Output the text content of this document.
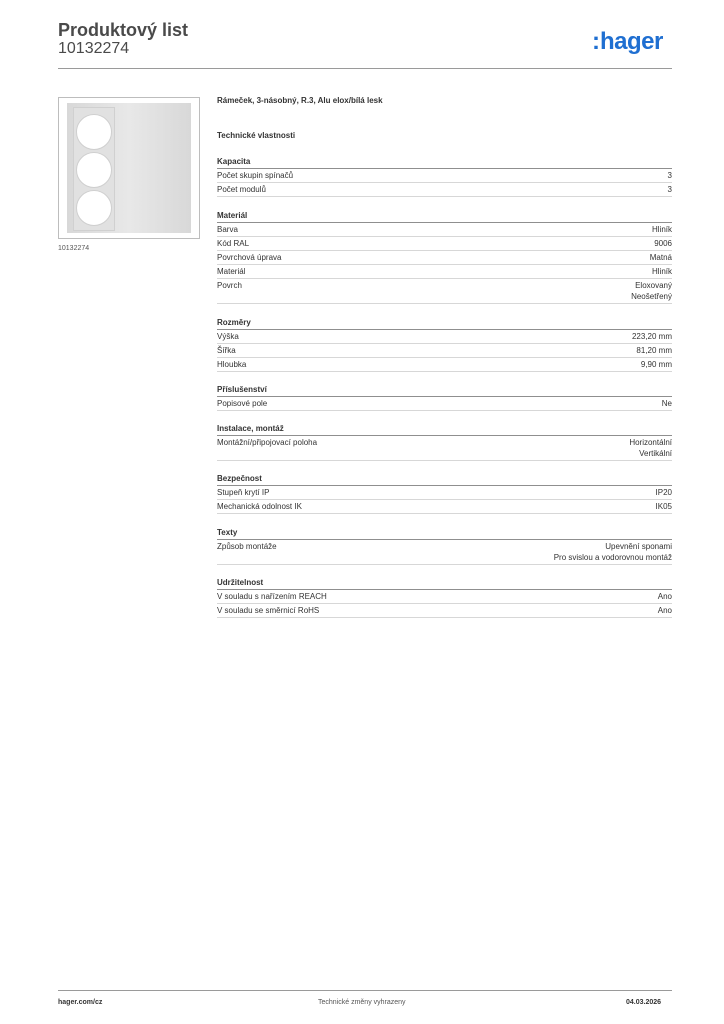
Produktový list
10132274	:hager
10132274
Rámeček, 3-násobný, R.3, Alu elox/bílá lesk
Technické vlastnosti
Kapacita
Počet skupin spínačů	3
Počet modulů	3
Materiál
Barva	Hliník
Kód RAL	9006
Povrchová úprava	Matná
Materiál	Hliník
Povrch	Eloxovaný
Neošetřený
Rozměry
Výška	223,20 mm
Šířka	81,20 mm
Hloubka	9,90 mm
Příslušenství
Popisové pole	Ne
Instalace, montáž
Montážní/připojovací poloha	Horizontální
Vertikální
Bezpečnost
Stupeň krytí IP	IP20
Mechanická odolnost IK	IK05
Texty
Způsob montáže	Upevnění sponami
Pro svislou a vodorovnou montáž
Udržitelnost
V souladu s nařízením REACH	Ano
V souladu se směrnicí RoHS	Ano
hager.com/cz	Technické změny vyhrazeny	04.03.2026
